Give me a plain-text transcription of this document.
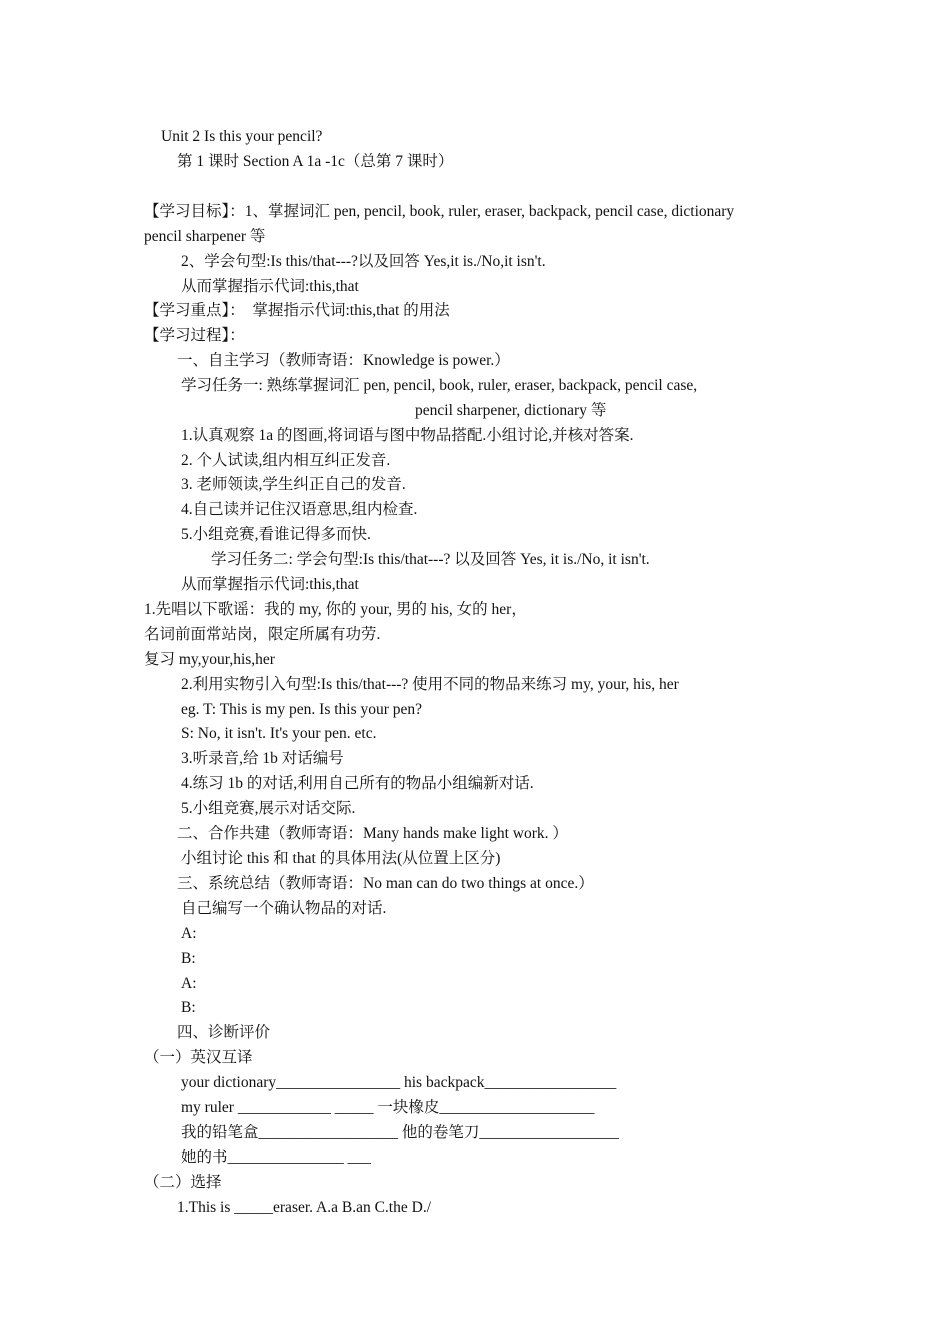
Unit 2 Is this your pencil?
第 1 课时 Section A 1a -1c（总第 7 课时）
【学习目标】：1、掌握词汇 pen, pencil, book, ruler, eraser, backpack, pencil case, dictionary
pencil sharpener 等
2、学会句型:Is this/that---?以及回答 Yes,it is./No,it isn't.
从而掌握指示代词:this,that
【学习重点】：  掌握指示代词:this,that 的用法
【学习过程】：
一、自主学习（教师寄语：Knowledge is power.）
学习任务一: 熟练掌握词汇 pen, pencil, book, ruler, eraser, backpack, pencil case,
pencil sharpener, dictionary 等
1.认真观察 1a 的图画,将词语与图中物品搭配.小组讨论,并核对答案.
2. 个人试读,组内相互纠正发音.
3. 老师领读,学生纠正自己的发音.
4.自己读并记住汉语意思,组内检查.
5.小组竞赛,看谁记得多而快.
学习任务二: 学会句型:Is this/that---? 以及回答 Yes, it is./No, it isn't.
从而掌握指示代词:this,that
1.先唱以下歌谣：我的 my, 你的 your, 男的 his, 女的 her，
名词前面常站岗，限定所属有功劳.
复习 my,your,his,her
2.利用实物引入句型:Is this/that---? 使用不同的物品来练习 my, your, his, her
eg. T: This is my pen. Is this your pen?
S: No, it isn't. It's your pen. etc.
3.听录音,给 1b 对话编号
4.练习 1b 的对话,利用自己所有的物品小组编新对话.
5.小组竞赛,展示对话交际.
二、合作共建（教师寄语：Many hands make light work. ）
小组讨论 this 和 that 的具体用法(从位置上区分)
三、系统总结（教师寄语：No man can do two things at once.）
自己编写一个确认物品的对话.
A:
B:
A:
B:
四、诊断评价
（一）英汉互译
your dictionary________________ his backpack_________________
my ruler ____________ _____ 一块橡皮____________________
我的铅笔盒__________________ 他的卷笔刀__________________
她的书_______________ ___
（二）选择
1.This is _____eraser. A.a B.an C.the D./
